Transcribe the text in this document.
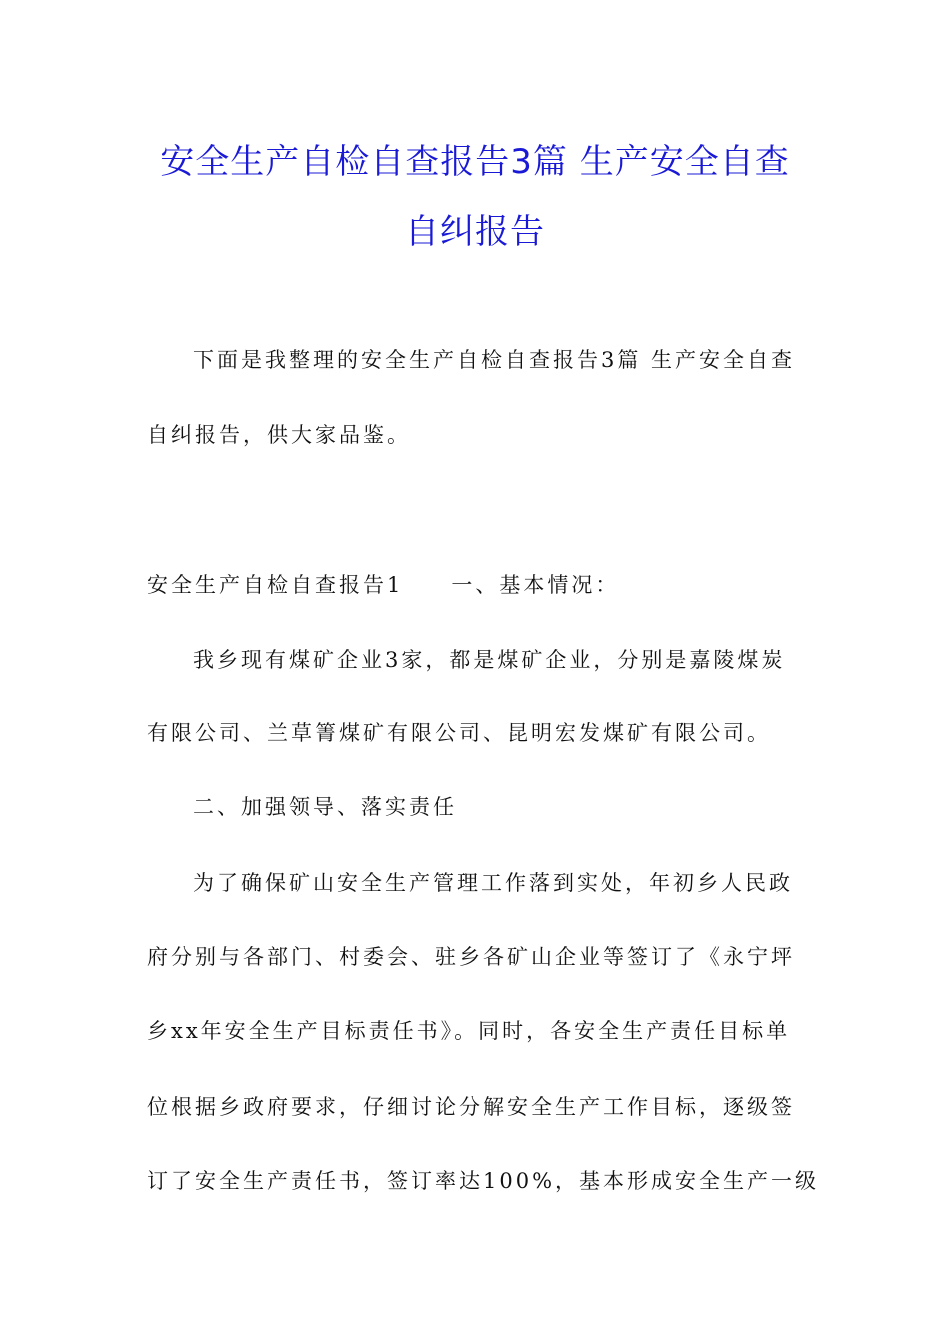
安全生产自检自查报告3篇 生产安全自查
自纠报告
下面是我整理的安全生产自检自查报告3篇 生产安全自查
自纠报告，供大家品鉴。
安全生产自检自查报告1　　一、基本情况：
我乡现有煤矿企业3家，都是煤矿企业，分别是嘉陵煤炭
有限公司、兰草箐煤矿有限公司、昆明宏发煤矿有限公司。
二、加强领导、落实责任
为了确保矿山安全生产管理工作落到实处，年初乡人民政
府分别与各部门、村委会、驻乡各矿山企业等签订了《永宁坪
乡xx年安全生产目标责任书》。同时，各安全生产责任目标单
位根据乡政府要求，仔细讨论分解安全生产工作目标，逐级签
订了安全生产责任书，签订率达100%，基本形成安全生产一级
